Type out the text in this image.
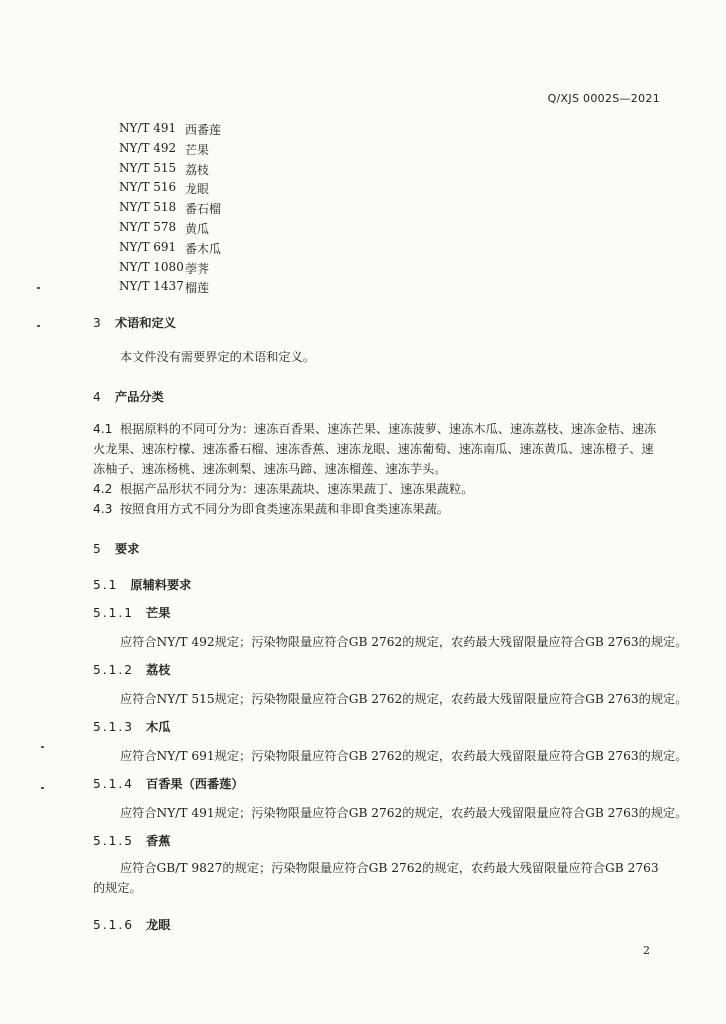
Q/XJS 0002S—2021
NY/T 491 西番莲
NY/T 492 芒果
NY/T 515 荔枝
NY/T 516 龙眼
NY/T 518 番石榴
NY/T 578 黄瓜
NY/T 691 番木瓜
NY/T 1080 荸荠
NY/T 1437 榴莲
3 术语和定义
本文件没有需要界定的术语和定义。
4 产品分类
4.1 根据原料的不同可分为：速冻百香果、速冻芒果、速冻菠萝、速冻木瓜、速冻荔枝、速冻金桔、速冻火龙果、速冻柠檬、速冻番石榴、速冻香蕉、速冻龙眼、速冻葡萄、速冻南瓜、速冻黄瓜、速冻橙子、速冻柚子、速冻杨桃、速冻刺梨、速冻马蹄、速冻榴莲、速冻芋头。
4.2 根据产品形状不同分为：速冻果蔬块、速冻果蔬丁、速冻果蔬粒。
4.3 按照食用方式不同分为即食类速冻果蔬和非即食类速冻果蔬。
5 要求
5.1 原辅料要求
5.1.1 芒果
应符合NY/T 492规定；污染物限量应符合GB 2762的规定，农药最大残留限量应符合GB 2763的规定。
5.1.2 荔枝
应符合NY/T 515规定；污染物限量应符合GB 2762的规定，农药最大残留限量应符合GB 2763的规定。
5.1.3 木瓜
应符合NY/T 691规定；污染物限量应符合GB 2762的规定，农药最大残留限量应符合GB 2763的规定。
5.1.4 百香果（西番莲）
应符合NY/T 491规定；污染物限量应符合GB 2762的规定，农药最大残留限量应符合GB 2763的规定。
5.1.5 香蕉
应符合GB/T 9827的规定；污染物限量应符合GB 2762的规定，农药最大残留限量应符合GB 2763的规定。
5.1.6 龙眼
2
